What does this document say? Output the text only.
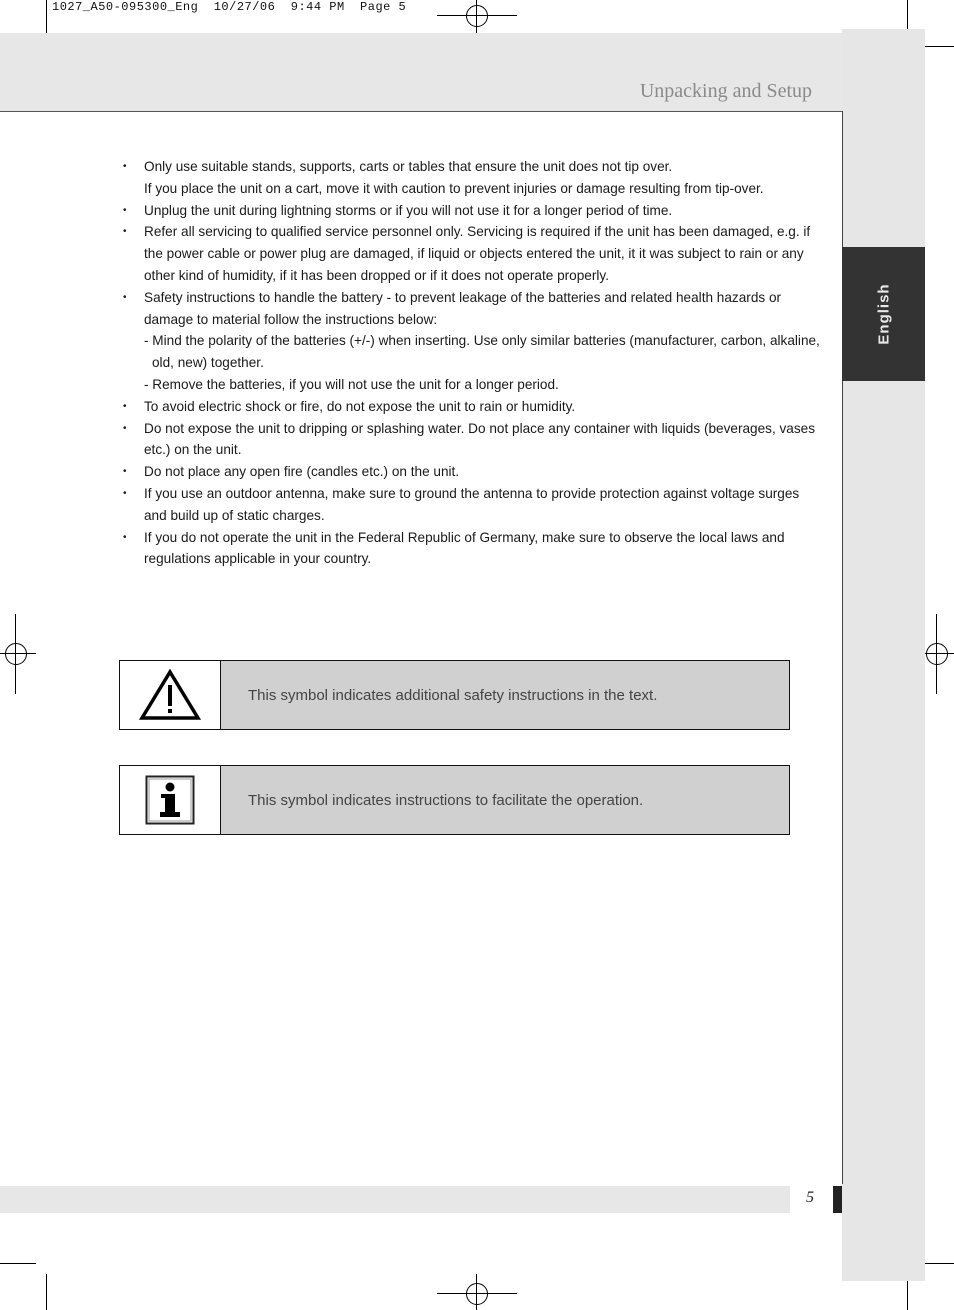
1027_A50-095300_Eng  10/27/06  9:44 PM  Page 5
Unpacking and Setup
English
• Only use suitable stands, supports, carts or tables that ensure the unit does not tip over.
If you place the unit on a cart, move it with caution to prevent injuries or damage resulting from tip-over.
• Unplug the unit during lightning storms or if you will not use it for a longer period of time.
• Refer all servicing to qualified service personnel only. Servicing is required if the unit has been damaged, e.g. if
the power cable or power plug are damaged, if liquid or objects entered the unit, it it was subject to rain or any
other kind of humidity, if it has been dropped or if it does not operate properly.
• Safety instructions to handle the battery - to prevent leakage of the batteries and related health hazards or
damage to material follow the instructions below:
- Mind the polarity of the batteries (+/-) when inserting. Use only similar batteries (manufacturer, carbon, alkaline,
old, new) together.
- Remove the batteries, if you will not use the unit for a longer period.
• To avoid electric shock or fire, do not expose the unit to rain or humidity.
• Do not expose the unit to dripping or splashing water. Do not place any container with liquids (beverages, vases
etc.) on the unit.
• Do not place any open fire (candles etc.) on the unit.
• If you use an outdoor antenna, make sure to ground the antenna to provide protection against voltage surges
and build up of static charges.
• If you do not operate the unit in the Federal Republic of Germany, make sure to observe the local laws and
regulations applicable in your country.
This symbol indicates additional safety instructions in the text.
This symbol indicates instructions to facilitate the operation.
5
